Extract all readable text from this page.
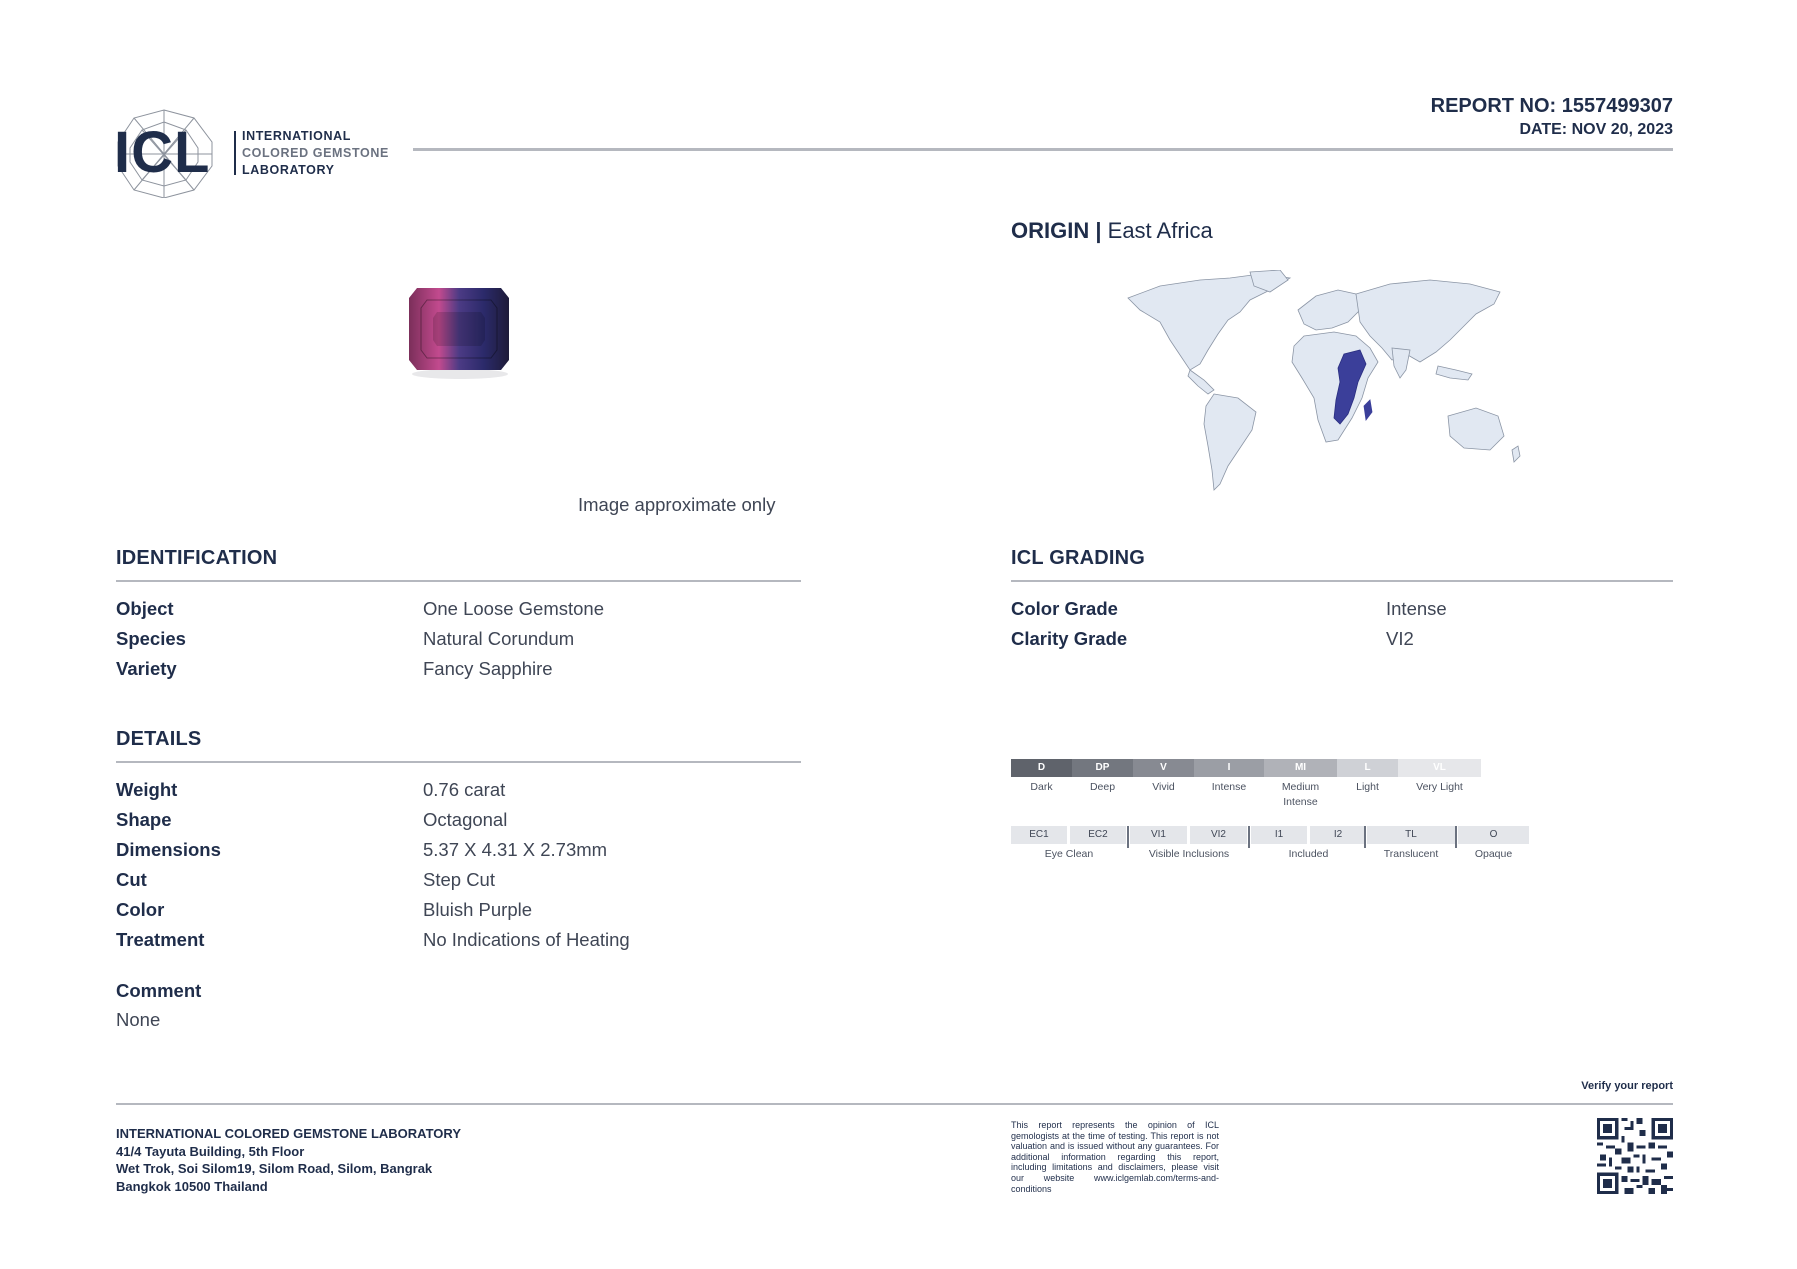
ICL	INTERNATIONAL
COLORED GEMSTONE
LABORATORY
REPORT NO: 1557499307
DATE: NOV 20, 2023
Image approximate only
ORIGIN | East Africa
IDENTIFICATION
Object	One Loose Gemstone
Species	Natural Corundum
Variety	Fancy Sapphire
DETAILS
Weight	0.76 carat
Shape	Octagonal
Dimensions	5.37 X 4.31 X 2.73mm
Cut	Step Cut
Color	Bluish Purple
Treatment	No Indications of Heating
Comment
None
ICL GRADING
Color Grade	Intense
Clarity Grade	VI2
D	DP	V	I	MI	L	VL
Dark	Deep	Vivid	Intense	Medium
Intense
Light	Very Light
EC1	EC2	VI1	VI2	I1	I2	TL	O
Eye Clean	Visible Inclusions	Included	Translucent	Opaque
Verify your report
INTERNATIONAL COLORED GEMSTONE LABORATORY
41/4 Tayuta Building, 5th Floor
Wet Trok, Soi Silom19, Silom Road, Silom, Bangrak
Bangkok 10500 Thailand
This report represents the opinion of ICL gemologists at the time of testing. This report is not valuation and is issued without any guarantees. For additional information regarding this report, including limitations and disclaimers, please visit our website www.iclgemlab.com/terms-and-conditions
